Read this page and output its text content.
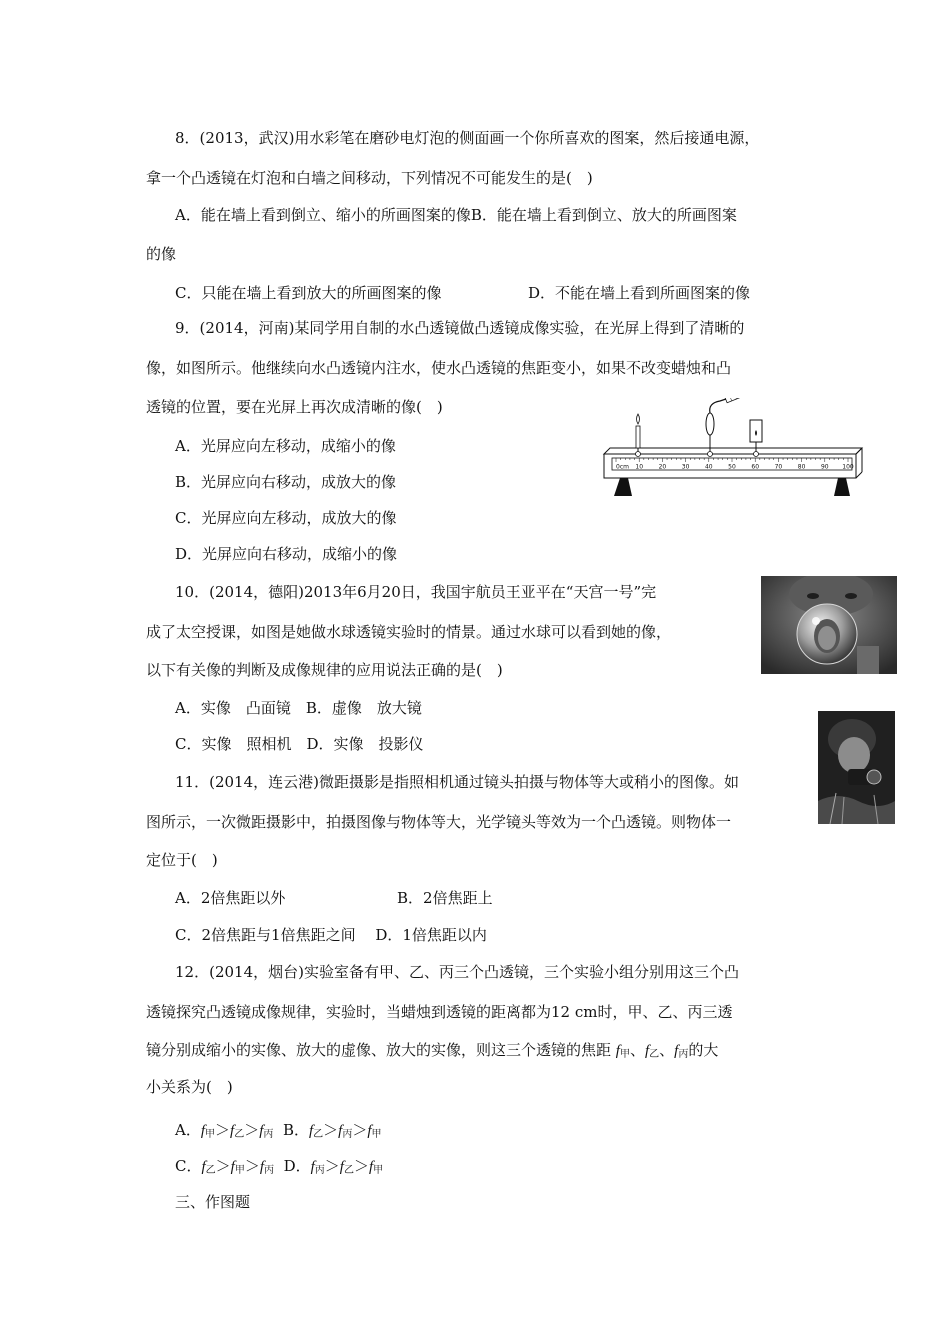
8．(2013，武汉)用水彩笔在磨砂电灯泡的侧面画一个你所喜欢的图案，然后接通电源，
拿一个凸透镜在灯泡和白墙之间移动，下列情况不可能发生的是(　)
A．能在墙上看到倒立、缩小的所画图案的像B．能在墙上看到倒立、放大的所画图案
的像
C．只能在墙上看到放大的所画图案的像	D．不能在墙上看到所画图案的像
9．(2014，河南)某同学用自制的水凸透镜做凸透镜成像实验，在光屏上得到了清晰的
像，如图所示。他继续向水凸透镜内注水，使水凸透镜的焦距变小，如果不改变蜡烛和凸
透镜的位置，要在光屏上再次成清晰的像(　)
A．光屏应向左移动，成缩小的像
B．光屏应向右移动，成放大的像
C．光屏应向左移动，成放大的像
D．光屏应向右移动，成缩小的像
0cm 10	20	30	40	50	60	70	80	90 100
10．(2014，德阳)2013年6月20日，我国宇航员王亚平在“天宫一号”完
成了太空授课，如图是她做水球透镜实验时的情景。通过水球可以看到她的像，
以下有关像的判断及成像规律的应用说法正确的是(　)
A．实像　凸面镜　B．虚像　放大镜
C．实像　照相机　D．实像　投影仪
11．(2014，连云港)微距摄影是指照相机通过镜头拍摄与物体等大或稍小的图像。如
图所示，一次微距摄影中，拍摄图像与物体等大，光学镜头等效为一个凸透镜。则物体一
定位于(　)
A．2倍焦距以外	B．2倍焦距上
C．2倍焦距与1倍焦距之间　 D．1倍焦距以内
12．(2014，烟台)实验室备有甲、乙、丙三个凸透镜，三个实验小组分别用这三个凸
透镜探究凸透镜成像规律，实验时，当蜡烛到透镜的距离都为12 cm时，甲、乙、丙三透
镜分别成缩小的实像、放大的虚像、放大的实像，则这三个透镜的焦距 $f_甲$、$f_乙$、$f_丙$的大
小关系为(　)
A．$f_甲>f_乙>f_丙$ B．$f_乙>f_丙>f_甲$
C．$f_乙>f_甲>f_丙$ D．$f_丙>f_乙>f_甲$
三、作图题
